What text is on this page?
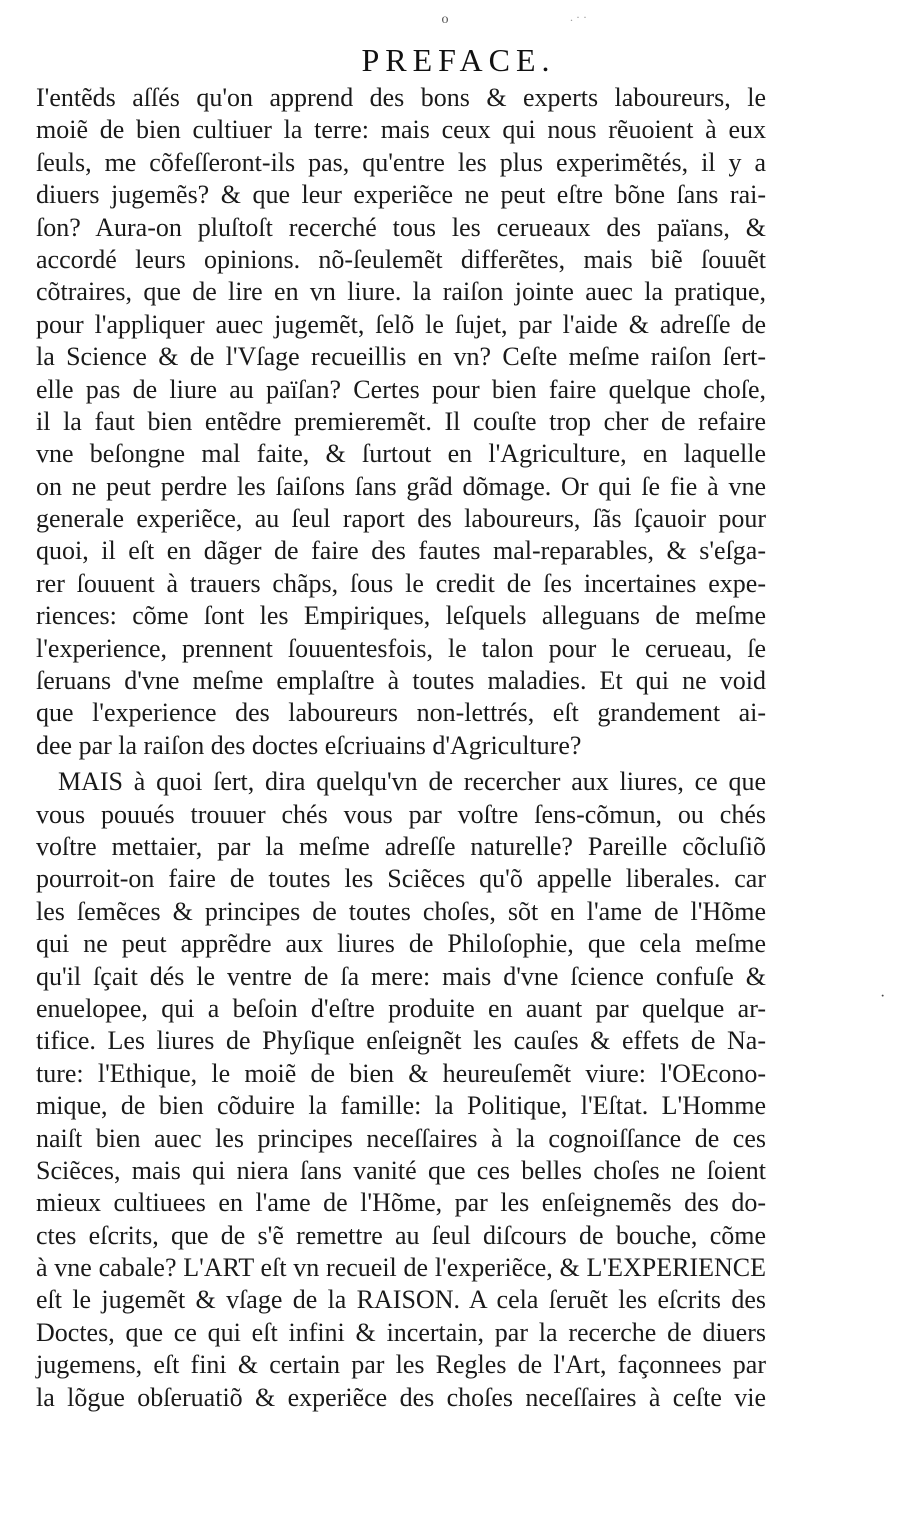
. · ·
o
PREFACE.
I'entẽds aſſés qu'on apprend des bons & experts laboureurs, le
moiẽ de bien cultiuer la terre: mais ceux qui nous rẽuoient à eux
ſeuls, me cõfeſſeront-ils pas, qu'entre les plus experimẽtés, il y a
diuers jugemẽs? & que leur experiẽce ne peut eſtre bõne ſans rai-
ſon? Aura-on pluſtoſt recerché tous les cerueaux des païans, &
accordé leurs opinions. nõ-ſeulemẽt differẽtes, mais biẽ ſouuẽt
cõtraires, que de lire en vn liure. la raiſon jointe auec la pratique,
pour l'appliquer auec jugemẽt, ſelõ le ſujet, par l'aide & adreſſe de
la Science & de l'Vſage recueillis en vn? Ceſte meſme raiſon ſert-
elle pas de liure au païſan? Certes pour bien faire quelque choſe,
il la faut bien entẽdre premieremẽt. Il couſte trop cher de refaire
vne beſongne mal faite, & ſurtout en l'Agriculture, en laquelle
on ne peut perdre les ſaiſons ſans grãd dõmage. Or qui ſe fie à vne
generale experiẽce, au ſeul raport des laboureurs, ſãs ſçauoir pour
quoi, il eſt en dãger de faire des fautes mal-reparables, & s'eſga-
rer ſouuent à trauers chãps, ſous le credit de ſes incertaines expe-
riences: cõme ſont les Empiriques, leſquels alleguans de meſme
l'experience, prennent ſouuentesfois, le talon pour le cerueau, ſe
ſeruans d'vne meſme emplaſtre à toutes maladies. Et qui ne void
que l'experience des laboureurs non-lettrés, eſt grandement ai-
dee par la raiſon des doctes eſcriuains d'Agriculture?
MAIS à quoi ſert, dira quelqu'vn de recercher aux liures, ce que
vous pouués trouuer chés vous par voſtre ſens-cõmun, ou chés
voſtre mettaier, par la meſme adreſſe naturelle? Pareille cõcluſiõ
pourroit-on faire de toutes les Sciẽces qu'õ appelle liberales. car
les ſemẽces & principes de toutes choſes, sõt en l'ame de l'Hõme
qui ne peut apprẽdre aux liures de Philoſophie, que cela meſme
qu'il ſçait dés le ventre de ſa mere: mais d'vne ſcience confuſe &
enuelopee, qui a beſoin d'eſtre produite en auant par quelque ar-
tifice. Les liures de Phyſique enſeignẽt les cauſes & effets de Na-
ture: l'Ethique, le moiẽ de bien & heureuſemẽt viure: l'OEcono-
mique, de bien cõduire la famille: la Politique, l'Eſtat. L'Homme
naiſt bien auec les principes neceſſaires à la cognoiſſance de ces
Sciẽces, mais qui niera ſans vanité que ces belles choſes ne ſoient
mieux cultiuees en l'ame de l'Hõme, par les enſeignemẽs des do-
ctes eſcrits, que de s'ẽ remettre au ſeul diſcours de bouche, cõme
à vne cabale? L'ART eſt vn recueil de l'experiẽce, & L'EXPERIENCE
eſt le jugemẽt & vſage de la RAISON. A cela ſeruẽt les eſcrits des
Doctes, que ce qui eſt infini & incertain, par la recerche de diuers
jugemens, eſt fini & certain par les Regles de l'Art, façonnees par
la lõgue obſeruatiõ & experiẽce des choſes neceſſaires à ceſte vie
·
